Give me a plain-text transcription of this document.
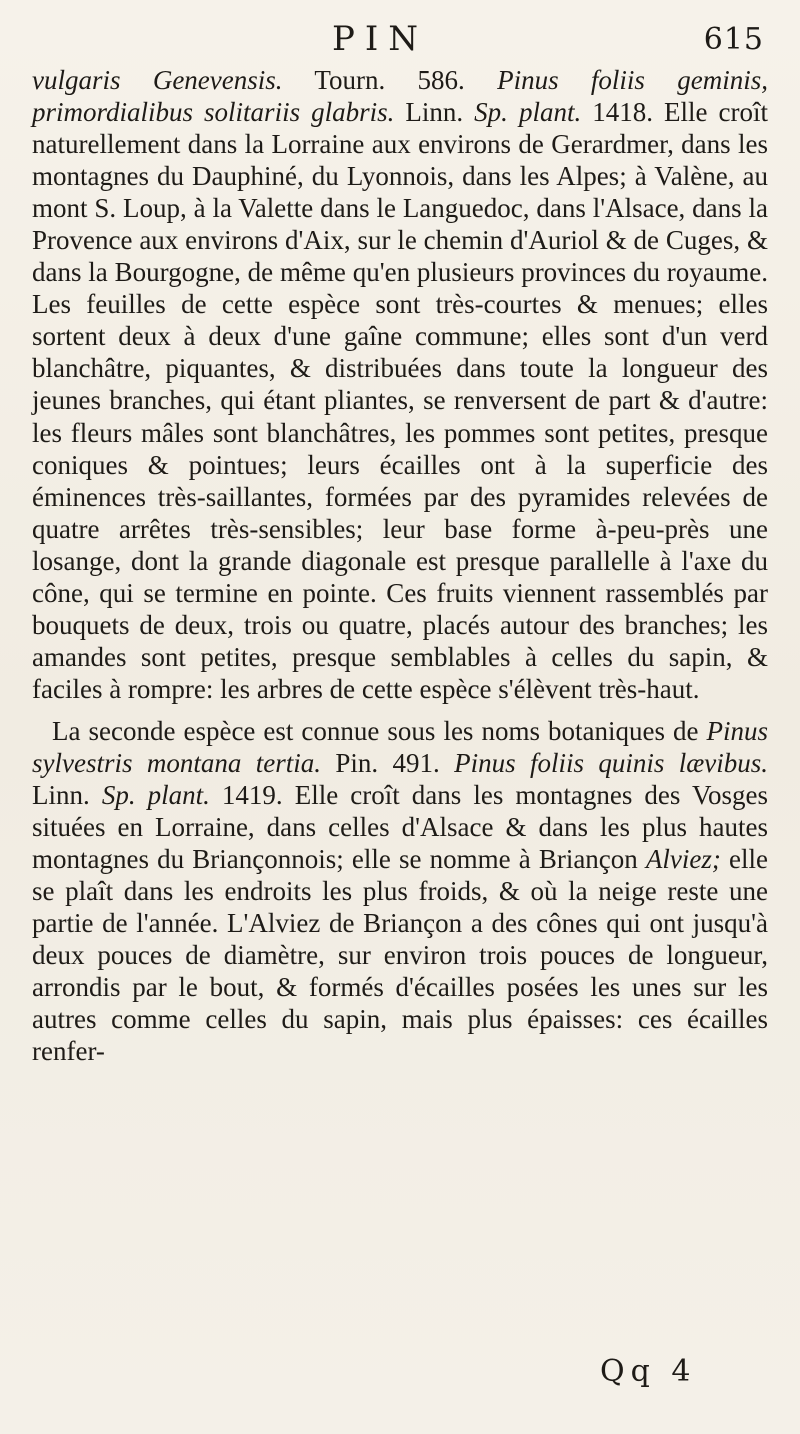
PIN	615

vulgaris Genevensis. Tourn. 586. Pinus foliis geminis, primordialibus solitariis glabris. Linn. Sp. plant. 1418. Elle croît naturellement dans la Lorraine aux environs de Gerardmer, dans les montagnes du Dauphiné, du Lyonnois, dans les Alpes; à Valène, au mont S. Loup, à la Valette dans le Languedoc, dans l'Alsace, dans la Provence aux environs d'Aix, sur le chemin d'Auriol & de Cuges, & dans la Bourgogne, de même qu'en plusieurs provinces du royaume. Les feuilles de cette espèce sont très-courtes & menues; elles sortent deux à deux d'une gaîne commune; elles sont d'un verd blanchâtre, piquantes, & distribuées dans toute la longueur des jeunes branches, qui étant pliantes, se renversent de part & d'autre: les fleurs mâles sont blanchâtres, les pommes sont petites, presque coniques & pointues; leurs écailles ont à la superficie des éminences très-saillantes, formées par des pyramides relevées de quatre arrêtes très-sensibles; leur base forme à-peu-près une losange, dont la grande diagonale est presque parallelle à l'axe du cône, qui se termine en pointe. Ces fruits viennent rassemblés par bouquets de deux, trois ou quatre, placés autour des branches; les amandes sont petites, presque semblables à celles du sapin, & faciles à rompre: les arbres de cette espèce s'élèvent très-haut.

La seconde espèce est connue sous les noms botaniques de Pinus sylvestris montana tertia. Pin. 491. Pinus foliis quinis lævibus. Linn. Sp. plant. 1419. Elle croît dans les montagnes des Vosges situées en Lorraine, dans celles d'Alsace & dans les plus hautes montagnes du Briançonnois; elle se nomme à Briançon Alviez; elle se plaît dans les endroits les plus froids, & où la neige reste une partie de l'année. L'Alviez de Briançon a des cônes qui ont jusqu'à deux pouces de diamètre, sur environ trois pouces de longueur, arrondis par le bout, & formés d'écailles posées les unes sur les autres comme celles du sapin, mais plus épaisses: ces écailles renfer-

Qq 4
